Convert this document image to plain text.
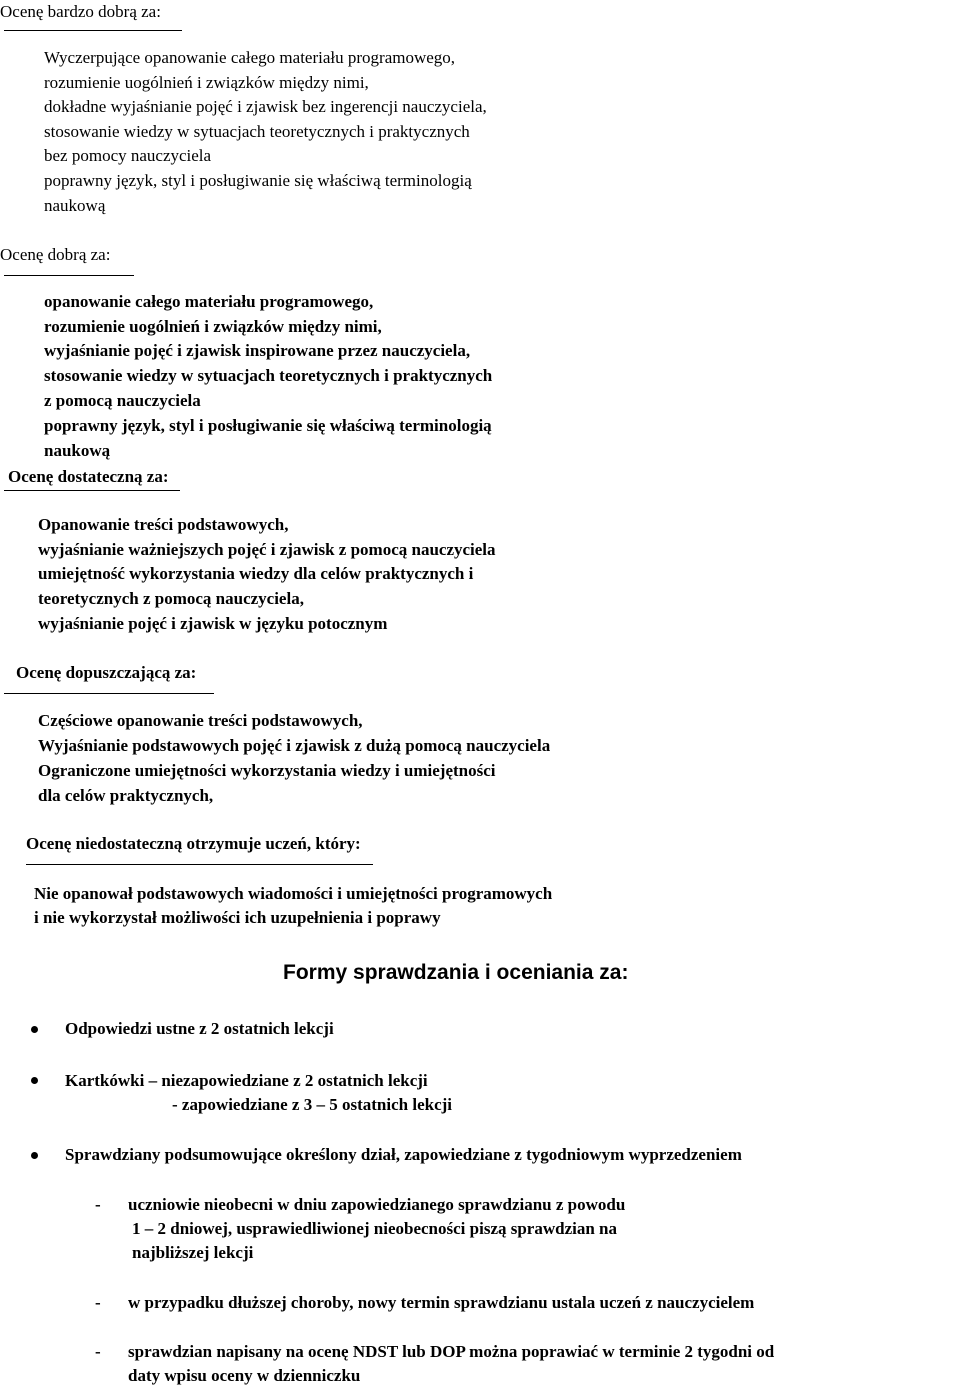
Ocenę bardzo dobrą za:
Wyczerpujące opanowanie całego materiału programowego,
rozumienie uogólnień i związków między nimi,
dokładne wyjaśnianie pojęć i zjawisk bez ingerencji nauczyciela,
stosowanie wiedzy w sytuacjach teoretycznych i praktycznych
bez pomocy nauczyciela
poprawny język, styl i posługiwanie się właściwą terminologią
naukową
Ocenę dobrą za:
opanowanie całego materiału programowego,
rozumienie uogólnień i związków między nimi,
wyjaśnianie pojęć i zjawisk inspirowane przez nauczyciela,
stosowanie wiedzy w sytuacjach teoretycznych i praktycznych
z pomocą nauczyciela
poprawny język, styl i posługiwanie się właściwą terminologią
naukową
Ocenę dostateczną za:
Opanowanie treści podstawowych,
wyjaśnianie ważniejszych pojęć i zjawisk z pomocą nauczyciela
umiejętność wykorzystania wiedzy dla celów praktycznych i
teoretycznych z pomocą nauczyciela,
wyjaśnianie pojęć i zjawisk w języku potocznym
Ocenę dopuszczającą za:
Częściowe opanowanie treści podstawowych,
Wyjaśnianie podstawowych pojęć i zjawisk z dużą pomocą nauczyciela
Ograniczone umiejętności wykorzystania wiedzy i umiejętności
dla celów praktycznych,
Ocenę niedostateczną otrzymuje uczeń, który:
Nie opanował podstawowych wiadomości i umiejętności programowych
i nie wykorzystał możliwości ich uzupełnienia i poprawy
Formy sprawdzania i oceniania za:
Odpowiedzi ustne z 2 ostatnich lekcji
Kartkówki – niezapowiedziane z 2 ostatnich lekcji
- zapowiedziane z 3 – 5 ostatnich lekcji
Sprawdziany podsumowujące określony dział, zapowiedziane z tygodniowym wyprzedzeniem
- uczniowie nieobecni w dniu zapowiedzianego sprawdzianu z powodu
1 – 2 dniowej, usprawiedliwionej nieobecności piszą sprawdzian na
najbliższej lekcji
- w przypadku dłuższej choroby, nowy termin sprawdzianu ustala uczeń z nauczycielem
- sprawdzian napisany na ocenę NDST lub DOP można poprawiać w terminie 2 tygodni od
daty wpisu oceny w dzienniczku
